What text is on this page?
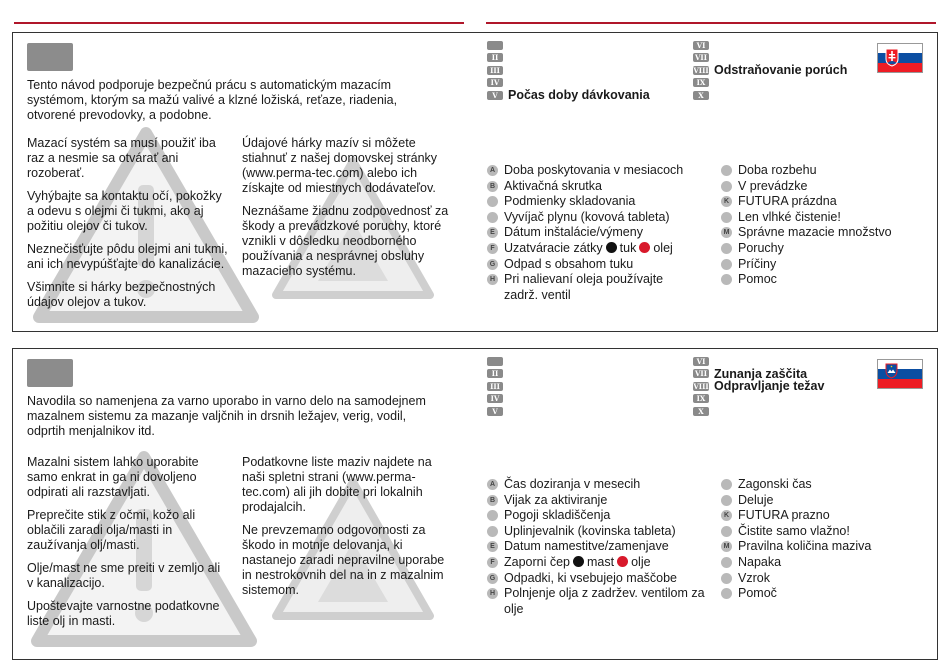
Tento návod podporuje bezpečnú prácu s automatickým mazacím systémom, ktorým sa mažú valivé a klzné ložiská, reťaze, riadenia, otvorené prevodovky, a podobne.

Mazací systém sa musí použiť iba raz a nesmie sa otvárať ani rozoberať.

Vyhýbajte sa kontaktu očí, pokožky a odevu s olejmi či tukmi, ako aj požitiu olejov či tukov.

Neznečisťujte pôdu olejmi ani tukmi, ani ich nevypúšťajte do kanalizácie.

Všimnite si hárky bezpečnostných údajov olejov a tukov.

Údajové hárky mazív si môžete stiahnuť z našej domovskej stránky (www.perma-tec.com) alebo ich získajte od miestnych dodávateľov.

Neznášame žiadnu zodpovednosť za škody a prevádzkové poruchy, ktoré vznikli v dôsledku neodborného používania a nesprávnej obsluhy mazacieho systému.

II
III
IV
V Počas doby dávkovania
VI
VII
VIII Odstraňovanie porúch
IX
X
A Doba poskytovania v mesiacoch
B Aktivačná skrutka
Podmienky skladovania
Vyvíjač plynu (kovová tableta)
E Dátum inštalácie/výmeny
F Uzatváracie zátky tuk olej
G Odpad s obsahom tuku
H Pri nalievaní oleja používajte zadrž. ventil
Doba rozbehu
V prevádzke
K FUTURA prázdna
Len vlhké čistenie!
M Správne mazacie množstvo
Poruchy
Príčiny
Pomoc
Navodila so namenjena za varno uporabo in varno delo na samodejnem mazalnem sistemu za mazanje valjčnih in drsnih ležajev, verig, vodil, odprtih menjalnikov itd.

Mazalni sistem lahko uporabite samo enkrat in ga ni dovoljeno odpirati ali razstavljati.

Preprečite stik z očmi, kožo ali oblačili zaradi olja/masti in zaužívanja olj/masti.

Olje/mast ne sme preiti v zemljo ali v kanalizacijo.

Upoštevajte varnostne podatkovne liste olj in masti.

Podatkovne liste maziv najdete na naši spletni strani (www.perma-tec.com) ali jih dobite pri lokalnih prodajalcih.

Ne prevzemamo odgovornosti za škodo in motnje delovanja, ki nastanejo zaradi nepravilne uporabe in nestrokovnih del na in z mazalnim sistemom.

II
III
IV
V
VI
VII Zunanja zaščita
VIII Odpravljanje težav
IX
X
A Čas doziranja v mesecih
B Vijak za aktiviranje
Pogoji skladiščenja
Uplinjevalnik (kovinska tableta)
E Datum namestitve/zamenjave
F Zaporni čep mast olje
G Odpadki, ki vsebujejo maščobe
H Polnjenje olja z zadržev. ventilom za olje
Zagonski čas
Deluje
K FUTURA prazno
Čistite samo vlažno!
M Pravilna količina maziva
Napaka
Vzrok
Pomoč
